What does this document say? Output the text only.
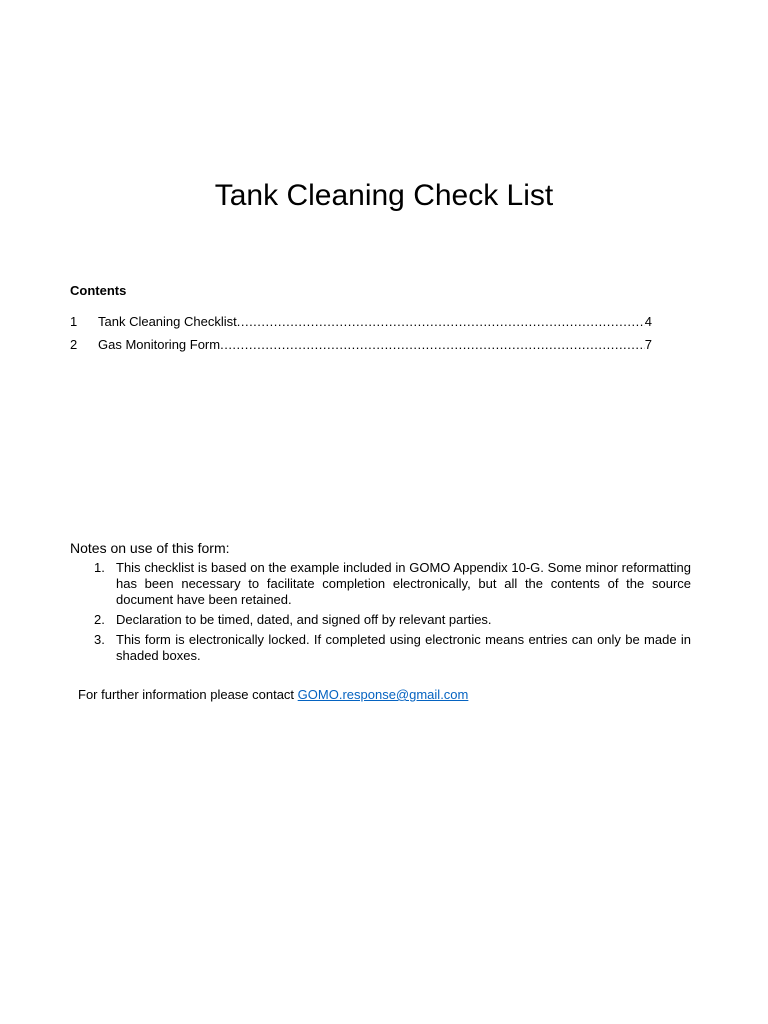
Tank Cleaning Check List
Contents
1	Tank Cleaning Checklist .....	4
2	Gas Monitoring Form .....	7
Notes on use of this form:
1. This checklist is based on the example included in GOMO Appendix 10-G. Some minor reformatting has been necessary to facilitate completion electronically, but all the contents of the source document have been retained.
2. Declaration to be timed, dated, and signed off by relevant parties.
3. This form is electronically locked. If completed using electronic means entries can only be made in shaded boxes.
For further information please contact GOMO.response@gmail.com
